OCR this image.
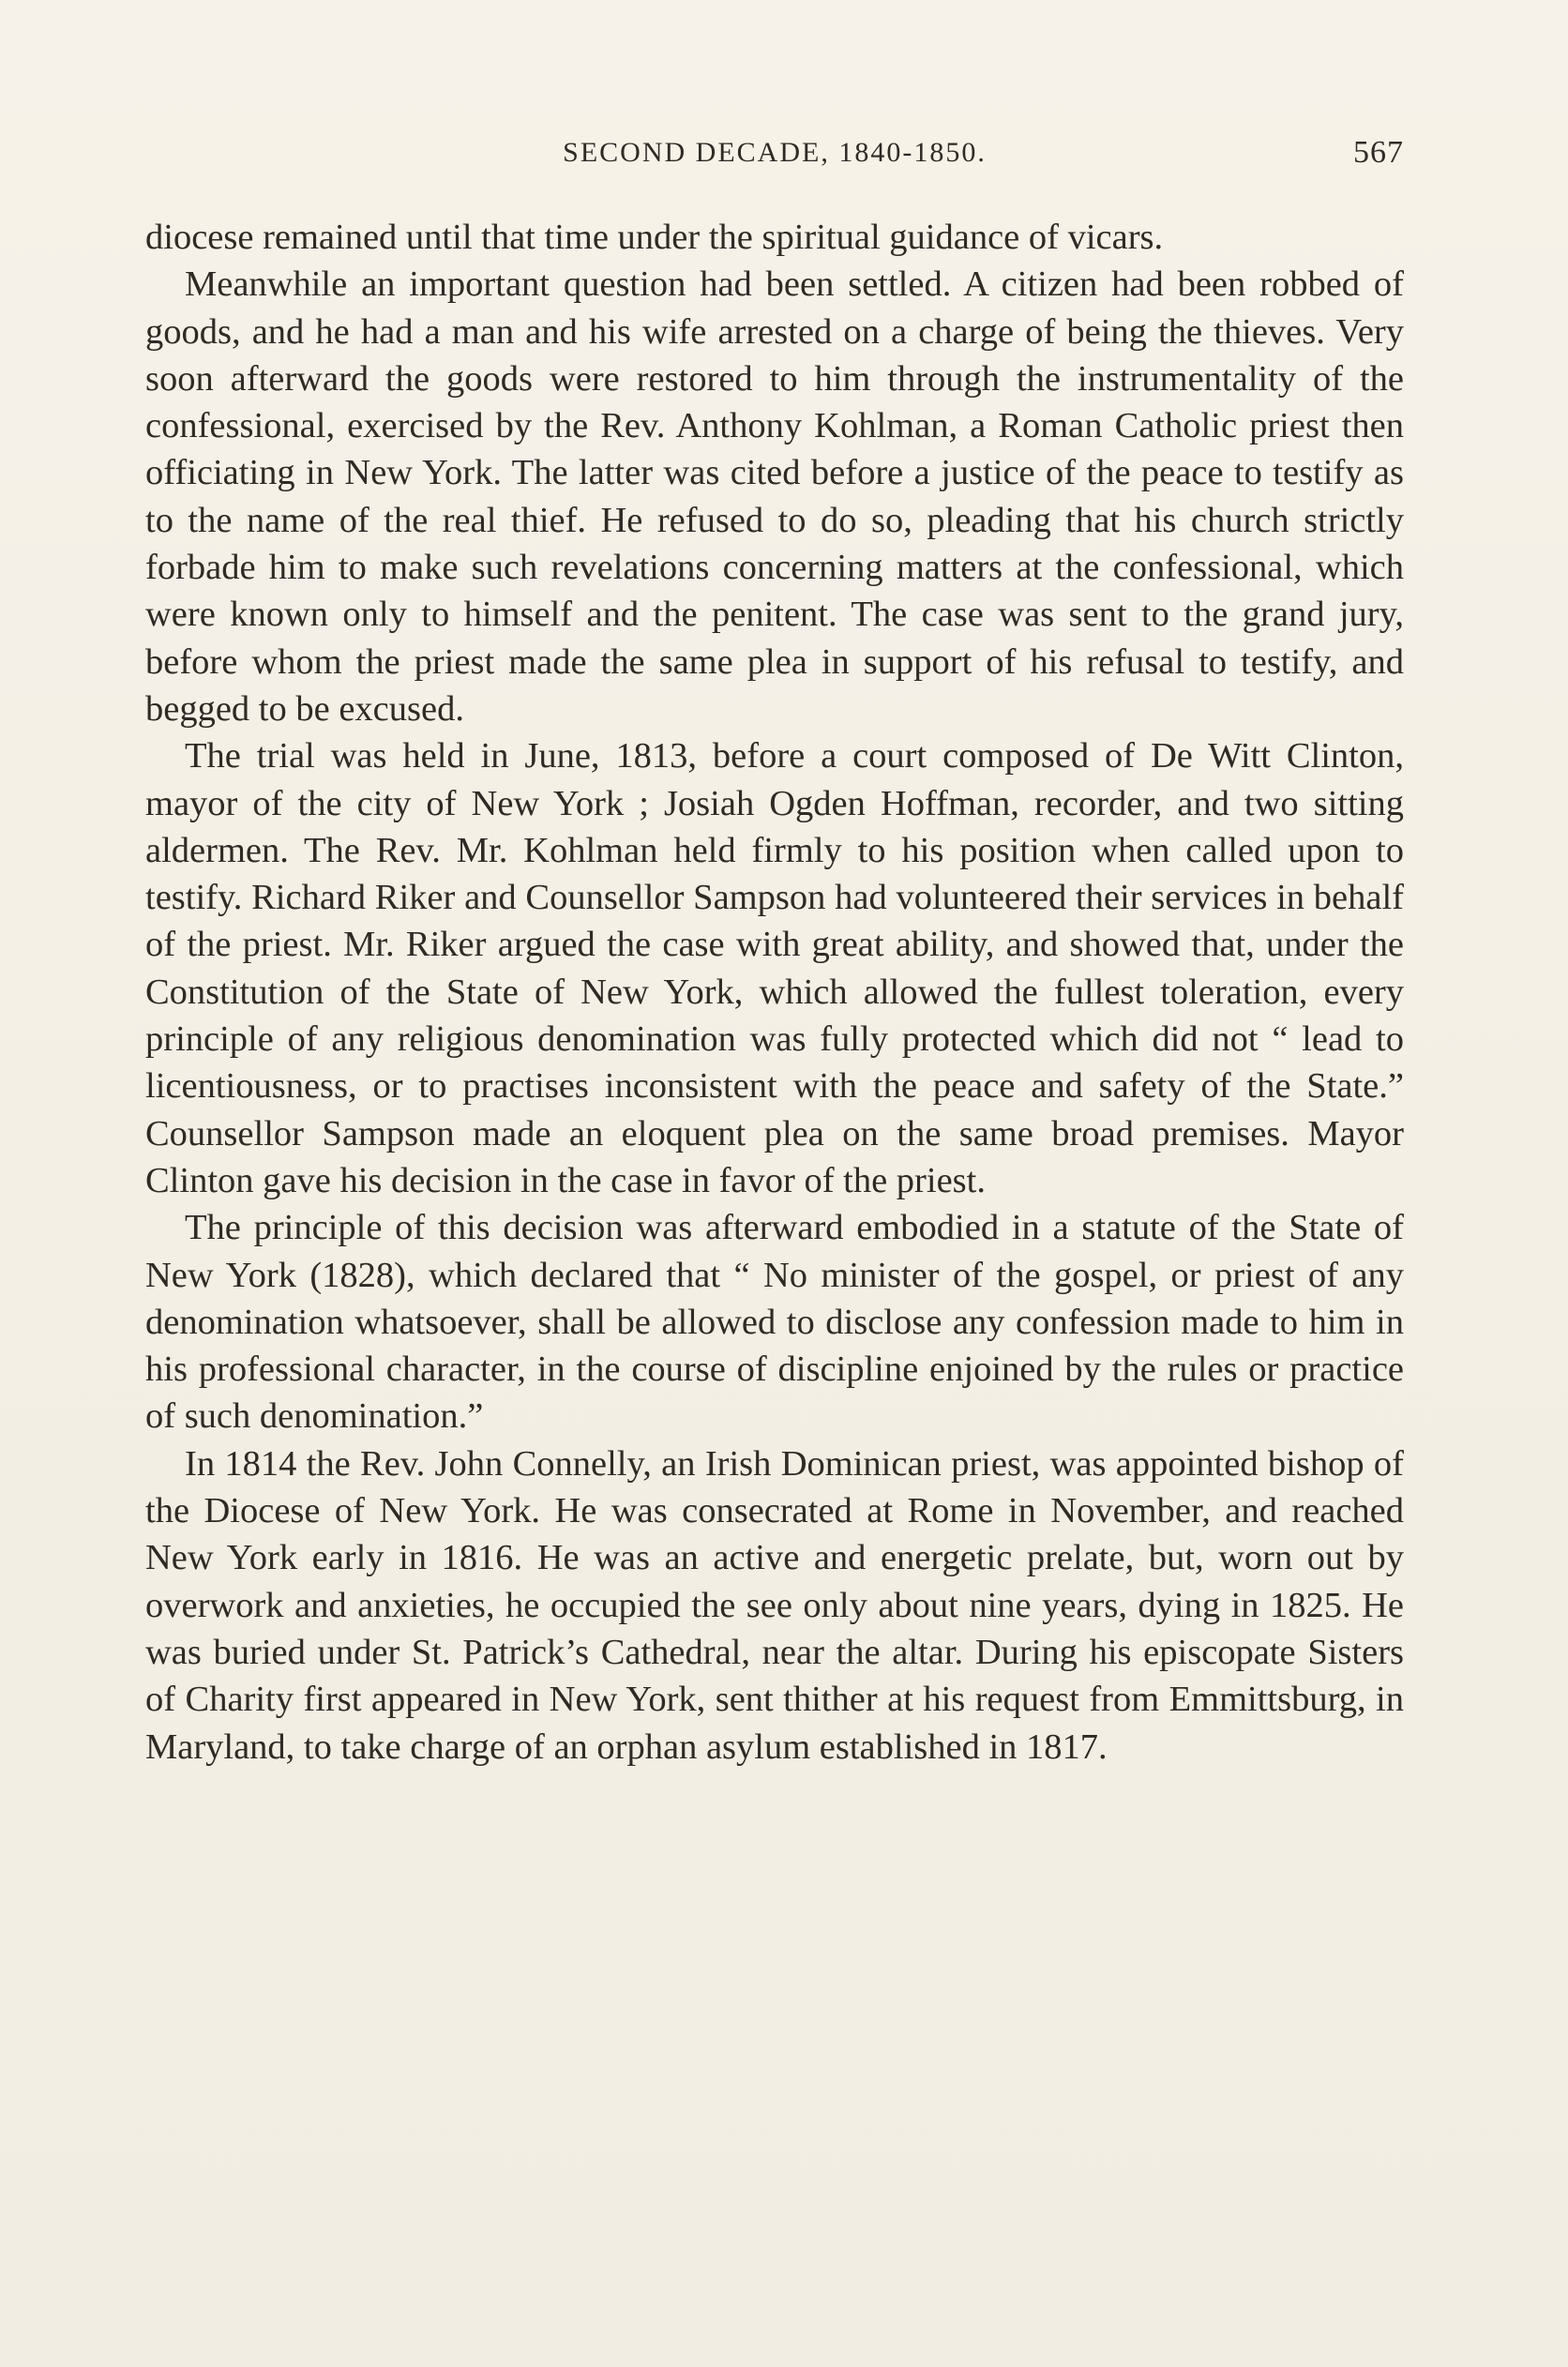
SECOND DECADE, 1840-1850.	567

diocese remained until that time under the spiritual guidance of vicars.

Meanwhile an important question had been settled. A citizen had been robbed of goods, and he had a man and his wife arrested on a charge of being the thieves. Very soon afterward the goods were restored to him through the instrumentality of the confessional, exercised by the Rev. Anthony Kohlman, a Roman Catholic priest then officiating in New York. The latter was cited before a justice of the peace to testify as to the name of the real thief. He refused to do so, pleading that his church strictly forbade him to make such revelations concerning matters at the confessional, which were known only to himself and the penitent. The case was sent to the grand jury, before whom the priest made the same plea in support of his refusal to testify, and begged to be excused.

The trial was held in June, 1813, before a court composed of De Witt Clinton, mayor of the city of New York ; Josiah Ogden Hoffman, recorder, and two sitting aldermen. The Rev. Mr. Kohlman held firmly to his position when called upon to testify. Richard Riker and Counsellor Sampson had volunteered their services in behalf of the priest. Mr. Riker argued the case with great ability, and showed that, under the Constitution of the State of New York, which allowed the fullest toleration, every principle of any religious denomination was fully protected which did not “ lead to licentiousness, or to practises inconsistent with the peace and safety of the State.” Counsellor Sampson made an eloquent plea on the same broad premises. Mayor Clinton gave his decision in the case in favor of the priest.

The principle of this decision was afterward embodied in a statute of the State of New York (1828), which declared that “ No minister of the gospel, or priest of any denomination whatsoever, shall be allowed to disclose any confession made to him in his professional character, in the course of discipline enjoined by the rules or practice of such denomination.”

In 1814 the Rev. John Connelly, an Irish Dominican priest, was appointed bishop of the Diocese of New York. He was consecrated at Rome in November, and reached New York early in 1816. He was an active and energetic prelate, but, worn out by overwork and anxieties, he occupied the see only about nine years, dying in 1825. He was buried under St. Patrick’s Cathedral, near the altar. During his episcopate Sisters of Charity first appeared in New York, sent thither at his request from Emmittsburg, in Maryland, to take charge of an orphan asylum established in 1817.
